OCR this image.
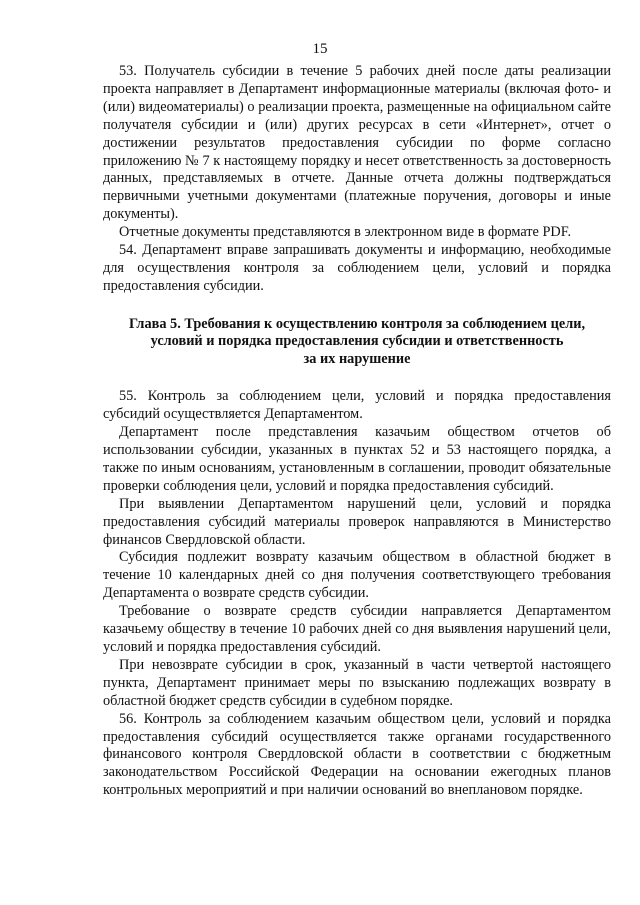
15

53. Получатель субсидии в течение 5 рабочих дней после даты реализации проекта направляет в Департамент информационные материалы (включая фото- и (или) видеоматериалы) о реализации проекта, размещенные на официальном сайте получателя субсидии и (или) других ресурсах в сети «Интернет», отчет о достижении результатов предоставления субсидии по форме согласно приложению № 7 к настоящему порядку и несет ответственность за достоверность данных, представляемых в отчете. Данные отчета должны подтверждаться первичными учетными документами (платежные поручения, договоры и иные документы).

Отчетные документы представляются в электронном виде в формате PDF.

54. Департамент вправе запрашивать документы и информацию, необходимые для осуществления контроля за соблюдением цели, условий и порядка предоставления субсидии.

Глава 5. Требования к осуществлению контроля за соблюдением цели,
условий и порядка предоставления субсидии и ответственность
за их нарушение

55. Контроль за соблюдением цели, условий и порядка предоставления субсидий осуществляется Департаментом.

Департамент после представления казачьим обществом отчетов об использовании субсидии, указанных в пунктах 52 и 53 настоящего порядка, а также по иным основаниям, установленным в соглашении, проводит обязательные проверки соблюдения цели, условий и порядка предоставления субсидий.

При выявлении Департаментом нарушений цели, условий и порядка предоставления субсидий материалы проверок направляются в Министерство финансов Свердловской области.

Субсидия подлежит возврату казачьим обществом в областной бюджет в течение 10 календарных дней со дня получения соответствующего требования Департамента о возврате средств субсидии.

Требование о возврате средств субсидии направляется Департаментом казачьему обществу в течение 10 рабочих дней со дня выявления нарушений цели, условий и порядка предоставления субсидий.

При невозврате субсидии в срок, указанный в части четвертой настоящего пункта, Департамент принимает меры по взысканию подлежащих возврату в областной бюджет средств субсидии в судебном порядке.

56. Контроль за соблюдением казачьим обществом цели, условий и порядка предоставления субсидий осуществляется также органами государственного финансового контроля Свердловской области в соответствии с бюджетным законодательством Российской Федерации на основании ежегодных планов контрольных мероприятий и при наличии оснований во внеплановом порядке.
